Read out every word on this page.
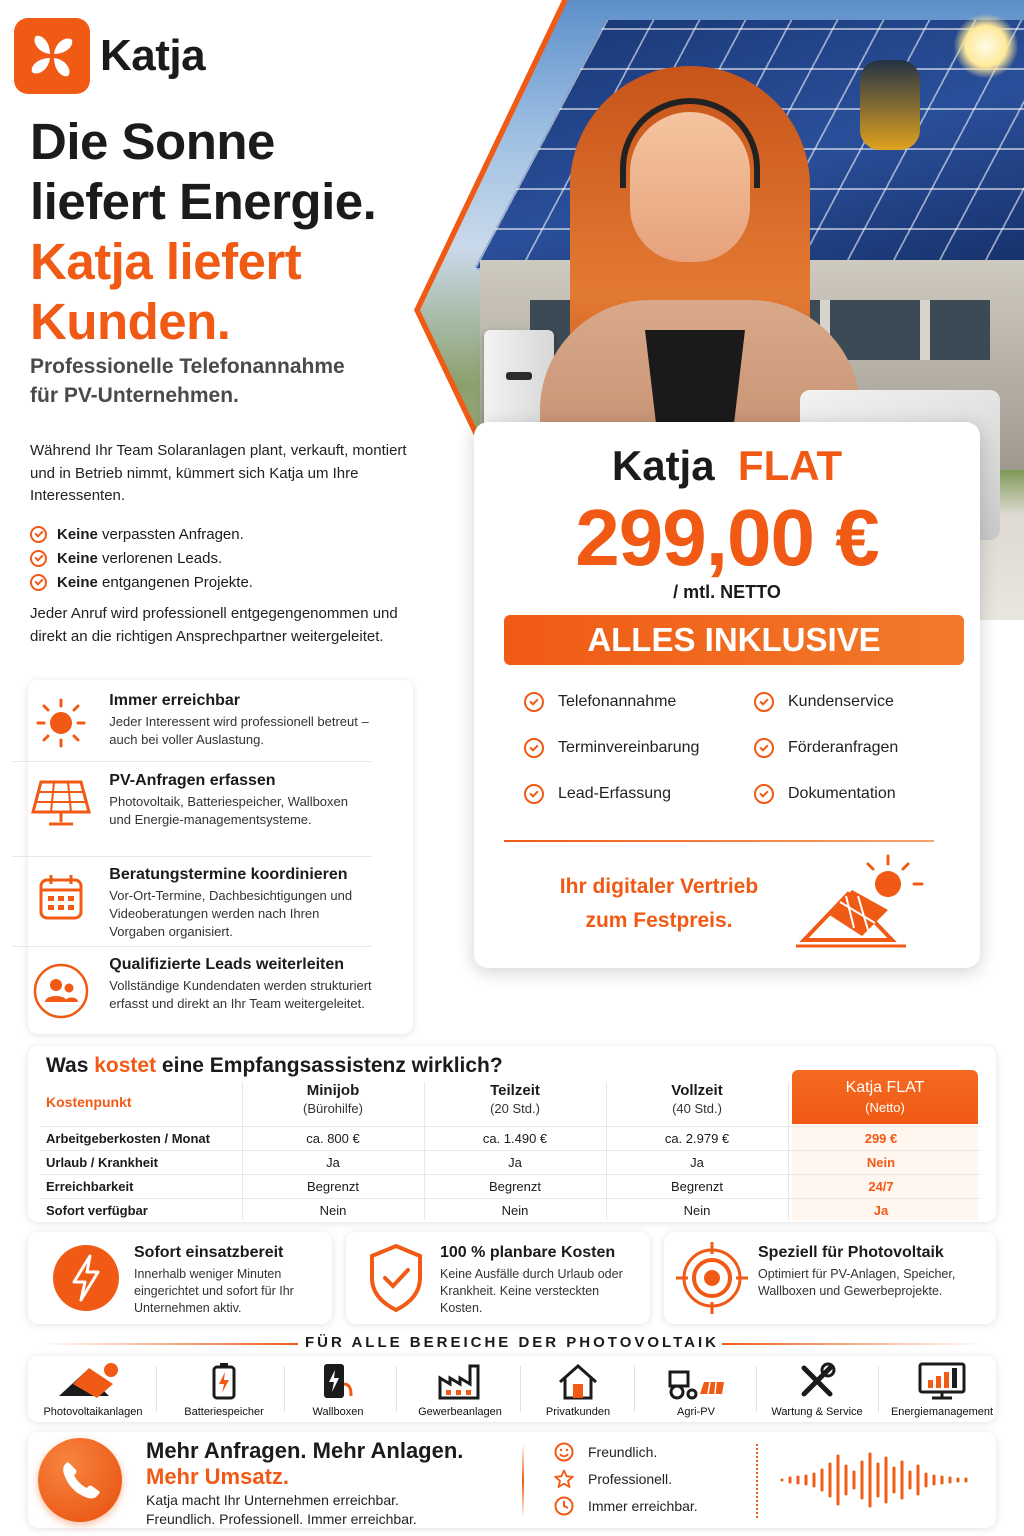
Katja
Die Sonne
liefert Energie.
Katja liefert
Kunden.
Professionelle Telefonannahme
für PV-Unternehmen.

Während Ihr Team Solaranlagen plant, verkauft, montiert und in Betrieb nimmt, kümmert sich Katja um Ihre Interessenten.

Keine verpassten Anfragen.
Keine verlorenen Leads.
Keine entgangenen Projekte.

Jeder Anruf wird professionell entgegengenommen und direkt an die richtigen Ansprechpartner weitergeleitet.

Immer erreichbar
Jeder Interessent wird professionell betreut – auch bei voller Auslastung.
PV-Anfragen erfassen
Photovoltaik, Batteriespeicher, Wallboxen und Energie-managementsysteme.
Beratungstermine koordinieren
Vor-Ort-Termine, Dachbesichtigungen und Videoberatungen werden nach Ihren Vorgaben organisiert.
Qualifizierte Leads weiterleiten
Vollständige Kundendaten werden strukturiert erfasst und direkt an Ihr Team weitergeleitet.
Katja FLAT
299,00 €
/ mtl. NETTO
ALLES INKLUSIVE
Telefonannahme	Kundenservice
Terminvereinbarung	Förderanfragen
Lead-Erfassung	Dokumentation
Ihr digitaler Vertrieb
zum Festpreis.
Was kostet eine Empfangsassistenz wirklich?
Kostenpunkt
Minijob
(Bürohilfe)
Teilzeit
(20 Std.)
Vollzeit
(40 Std.)
Katja FLAT
(Netto)
Arbeitgeberkosten / Monat	ca. 800 €	ca. 1.490 €	ca. 2.979 €	299 €
Urlaub / Krankheit	Ja	Ja	Ja	Nein
Erreichbarkeit	Begrenzt	Begrenzt	Begrenzt	24/7
Sofort verfügbar	Nein	Nein	Nein	Ja
Sofort einsatzbereit
Innerhalb weniger Minuten eingerichtet und sofort für Ihr Unternehmen aktiv.
100 % planbare Kosten
Keine Ausfälle durch Urlaub oder Krankheit. Keine versteckten Kosten.
Speziell für Photovoltaik
Optimiert für PV-Anlagen, Speicher, Wallboxen und Gewerbeprojekte.
FÜR ALLE BEREICHE DER PHOTOVOLTAIK
Photovoltaikanlagen	Batteriespeicher	Wallboxen	Gewerbeanlagen	Privatkunden	Agri-PV	Wartung & Service	Energiemanagement
Mehr Anfragen. Mehr Anlagen.
Mehr Umsatz.
Katja macht Ihr Unternehmen erreichbar.
Freundlich. Professionell. Immer erreichbar.
Freundlich.
Professionell.
Immer erreichbar.
